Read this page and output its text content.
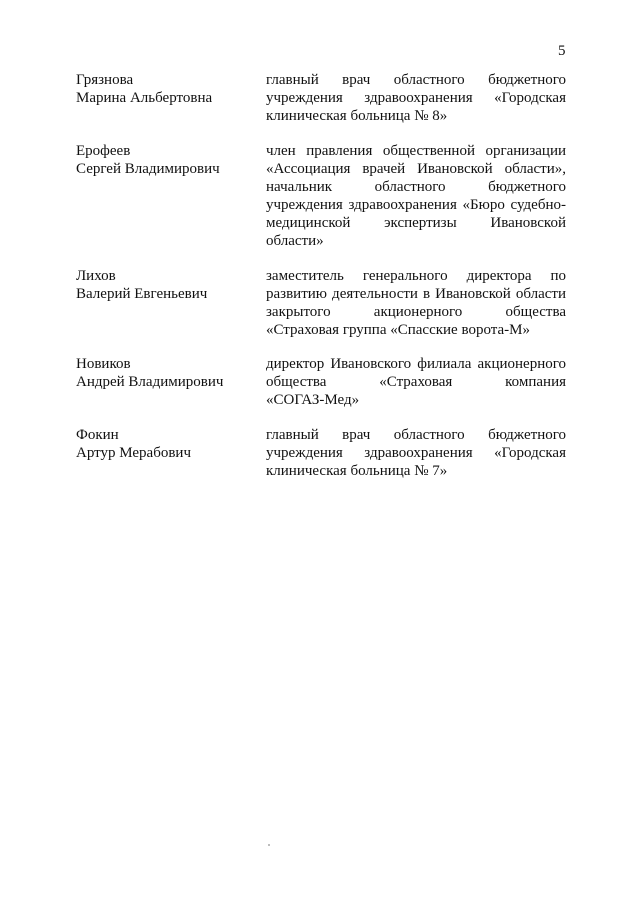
5
Грязнова
Марина Альбертовна
главный врач областного бюджетного
учреждения здравоохранения «Городская
клиническая больница № 8»
Ерофеев
Сергей Владимирович
член правления общественной организации
«Ассоциация врачей Ивановской области»,
начальник областного бюджетного
учреждения здравоохранения «Бюро судебно-
медицинской экспертизы Ивановской
области»
Лихов
Валерий Евгеньевич
заместитель генерального директора по
развитию деятельности в Ивановской области
закрытого акционерного общества
«Страховая группа «Спасские ворота-М»
Новиков
Андрей Владимирович
директор Ивановского филиала акционерного
общества «Страховая компания
«СОГАЗ-Мед»
Фокин
Артур Мерабович
главный врач областного бюджетного
учреждения здравоохранения «Городская
клиническая больница № 7»
